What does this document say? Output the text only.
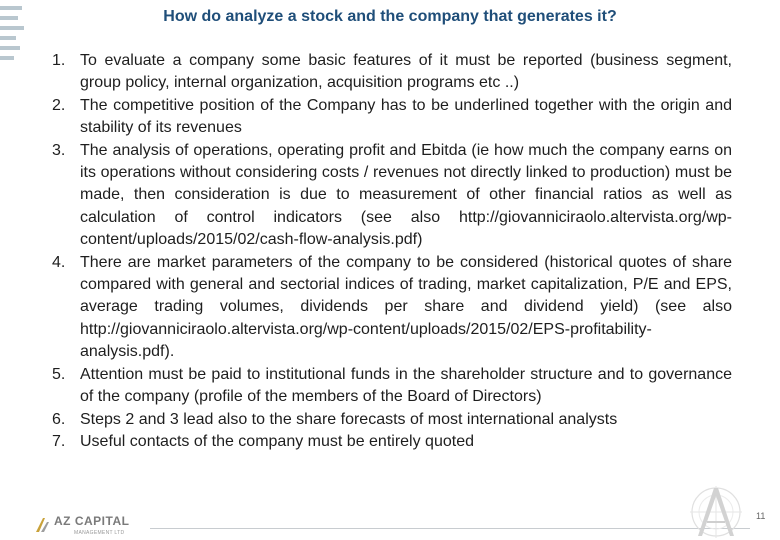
How do analyze a stock and the company that generates it?
1. To evaluate a company some basic features of it must be reported (business segment, group policy, internal organization, acquisition programs etc ..)
2. The competitive position of the Company has to be underlined together with the origin and stability of its revenues
3. The analysis of operations, operating profit and Ebitda (ie how much the company earns on its operations without considering costs / revenues not directly linked to production) must be made, then consideration is due to measurement of other financial ratios as well as calculation of control indicators (see also http://giovanniciraolo.altervista.org/wp-content/uploads/2015/02/cash-flow-analysis.pdf)
4. There are market parameters of the company to be considered (historical quotes of share compared with general and sectorial indices of trading, market capitalization, P/E and EPS, average trading volumes, dividends per share and dividend yield) (see also http://giovanniciraolo.altervista.org/wp-content/uploads/2015/02/EPS-profitability-analysis.pdf).
5. Attention must be paid to institutional funds in the shareholder structure and to governance of the company (profile of the members of the Board of Directors)
6. Steps 2 and 3 lead also to the share forecasts of most international analysts
7. Useful contacts of the company must be entirely quoted
AZ CAPITAL
MANAGEMENT LTD
11
